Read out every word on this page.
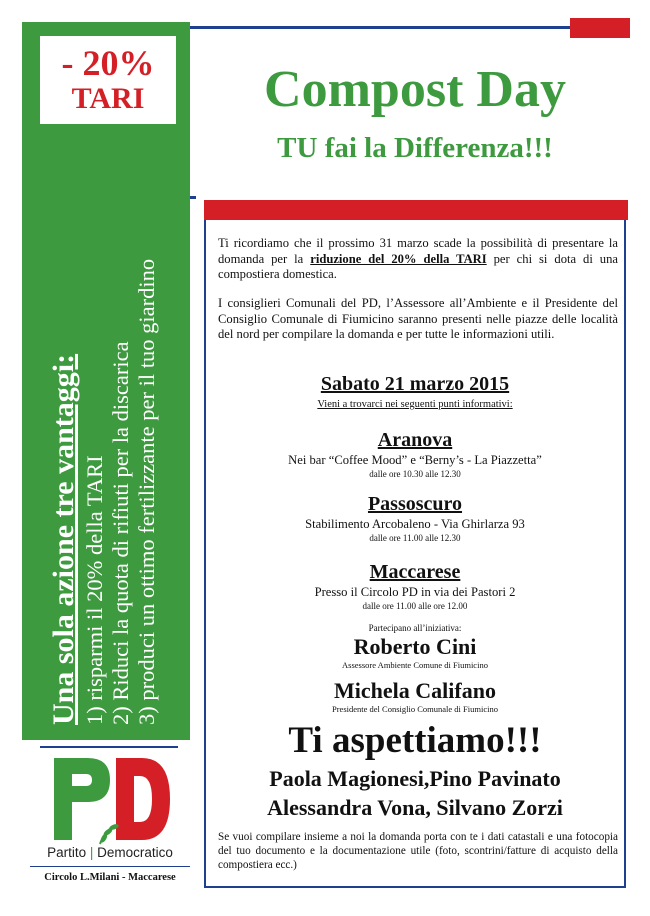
- 20%
TARI
Una sola azione tre vantaggi: 1) risparmi il 20% della TARI 2) Riduci la quota di rifiuti per la discarica 3) produci un ottimo fertilizzante per il tuo giardino
Compost Day
TU fai la Differenza!!!
Ti ricordiamo che il prossimo 31 marzo scade la possibilità di presentare la domanda per la riduzione del 20% della TARI per chi si dota di una compostiera domestica.
I consiglieri Comunali del PD, l’Assessore all’Ambiente e il Presidente del Consiglio Comunale di Fiumicino saranno presenti nelle piazze delle località del nord per compilare la domanda e per tutte le informazioni utili.
Sabato 21 marzo 2015
Vieni a trovarci nei seguenti punti informativi:
Aranova
Nei bar “Coffee Mood” e “Berny’s - La Piazzetta”
dalle ore 10.30 alle 12.30
Passoscuro
Stabilimento Arcobaleno - Via Ghirlarza 93
dalle ore 11.00 alle 12.30
Maccarese
Presso il Circolo PD in via dei Pastori 2
dalle ore 11.00 alle ore 12.00
Partecipano all’iniziativa:
Roberto Cini
Assessore Ambiente Comune di Fiumicino
Michela Califano
Presidente del Consiglio Comunale di Fiumicino
Ti aspettiamo!!!
Paola Magionesi,Pino Pavinato
Alessandra Vona, Silvano Zorzi
Se vuoi compilare insieme a noi la domanda porta con te i dati catastali e una fotocopia del tuo documento e la documentazione utile (foto, scontrini/fatture di acquisto della compostiera ecc.)
Partito | Democratico
Circolo L.Milani - Maccarese
